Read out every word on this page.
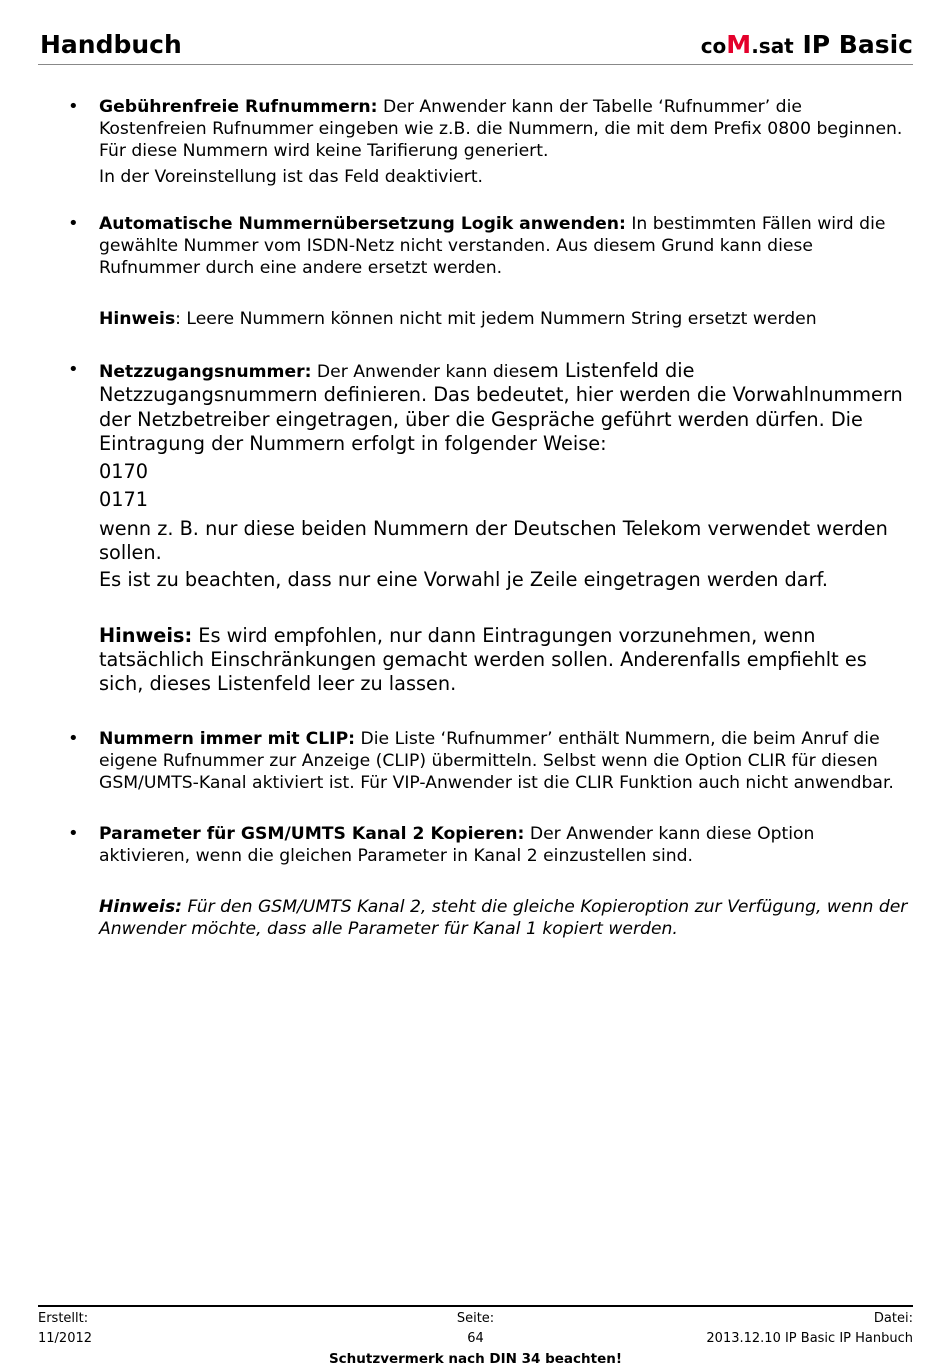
Handbuch	coM.sat IP Basic
• Gebührenfreie Rufnummern: Der Anwender kann der Tabelle ‘Rufnummer’ die Kostenfreien Rufnummer eingeben wie z.B. die Nummern, die mit dem Prefix 0800 beginnen. Für diese Nummern wird keine Tarifierung generiert.

In der Voreinstellung ist das Feld deaktiviert.

• Automatische Nummernübersetzung Logik anwenden: In bestimmten Fällen wird die gewählte Nummer vom ISDN-Netz nicht verstanden. Aus diesem Grund kann diese Rufnummer durch eine andere ersetzt werden.

Hinweis: Leere Nummern können nicht mit jedem Nummern String ersetzt werden
• Netzzugangsnummer: Der Anwender kann diesem Listenfeld die Netzzugangsnummern definieren. Das bedeutet, hier werden die Vorwahlnummern der Netzbetreiber eingetragen, über die Gespräche geführt werden dürfen. Die Eintragung der Nummern erfolgt in folgender Weise:

0170

0171

wenn z. B. nur diese beiden Nummern der Deutschen Telekom verwendet werden sollen.

Es ist zu beachten, dass nur eine Vorwahl je Zeile eingetragen werden darf.

Hinweis: Es wird empfohlen, nur dann Eintragungen vorzunehmen, wenn tatsächlich Einschränkungen gemacht werden sollen. Anderenfalls empfiehlt es sich, dieses Listenfeld leer zu lassen.
• Nummern immer mit CLIP: Die Liste ‘Rufnummer’ enthält Nummern, die beim Anruf die eigene Rufnummer zur Anzeige (CLIP) übermitteln. Selbst wenn die Option CLIR für diesen GSM/UMTS-Kanal aktiviert ist. Für VIP-Anwender ist die CLIR Funktion auch nicht anwendbar.

• Parameter für GSM/UMTS Kanal 2 Kopieren: Der Anwender kann diese Option aktivieren, wenn die gleichen Parameter in Kanal 2 einzustellen sind.

Hinweis: Für den GSM/UMTS Kanal 2, steht die gleiche Kopieroption zur Verfügung, wenn der Anwender möchte, dass alle Parameter für Kanal 1 kopiert werden.
Erstellt:
11/2012
Seite:
64
Datei:
2013.12.10 IP Basic IP Hanbuch
Schutzvermerk nach DIN 34 beachten!
